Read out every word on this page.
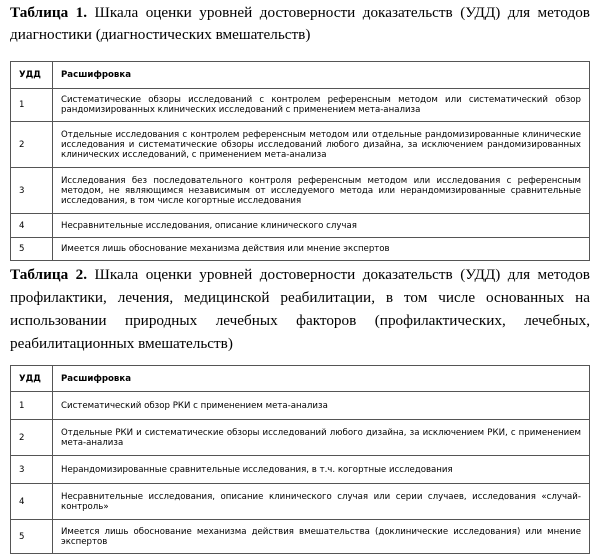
Таблица 1. Шкала оценки уровней достоверности доказательств (УДД) для методов диагностики (диагностических вмешательств)
УДД	Расшифровка
1	Систематические обзоры исследований с контролем референсным методом или систематический обзор рандомизированных клинических исследований с применением мета-анализа
2	Отдельные исследования с контролем референсным методом или отдельные рандомизированные клинические исследования и систематические обзоры исследований любого дизайна, за исключением рандомизированных клинических исследований, с применением мета-анализа
3	Исследования без последовательного контроля референсным методом или исследования с референсным методом, не являющимся независимым от исследуемого метода или нерандомизированные сравнительные исследования, в том числе когортные исследования
4	Несравнительные исследования, описание клинического случая
5	Имеется лишь обоснование механизма действия или мнение экспертов
Таблица 2. Шкала оценки уровней достоверности доказательств (УДД) для методов профилактики, лечения, медицинской реабилитации, в том числе основанных на использовании природных лечебных факторов (профилактических, лечебных, реабилитационных вмешательств)
УДД	Расшифровка
1	Систематический обзор РКИ с применением мета-анализа
2	Отдельные РКИ и систематические обзоры исследований любого дизайна, за исключением РКИ, с применением мета-анализа
3	Нерандомизированные сравнительные исследования, в т.ч. когортные исследования
4	Несравнительные исследования, описание клинического случая или серии случаев, исследования «случай-контроль»
5	Имеется лишь обоснование механизма действия вмешательства (доклинические исследования) или мнение экспертов
